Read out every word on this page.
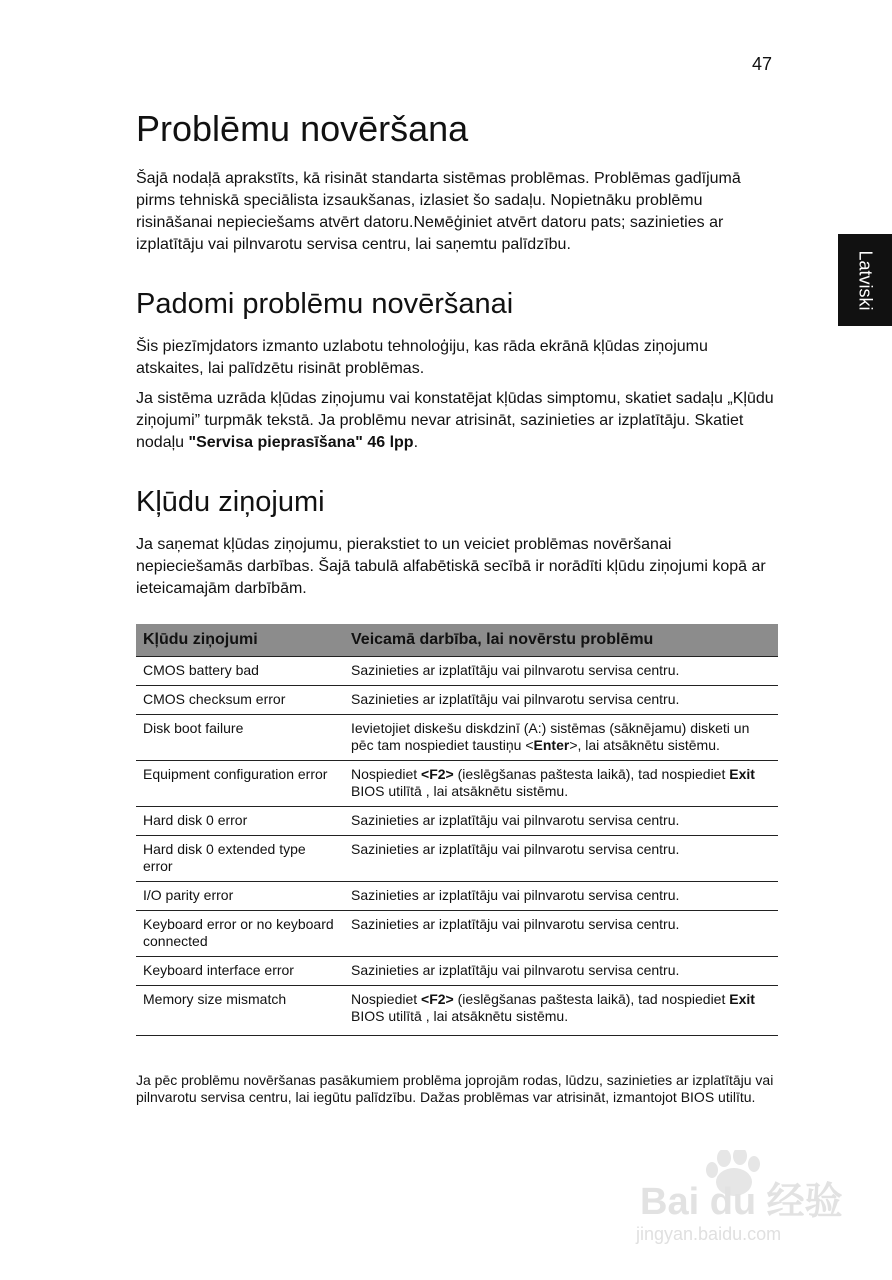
47
Latviski
Problēmu novēršana

Šajā nodaļā aprakstīts, kā risināt standarta sistēmas problēmas. Problēmas gadījumā pirms tehniskā speciālista izsaukšanas, izlasiet šo sadaļu. Nopietnāku problēmu risināšanai nepieciešams atvērt datoru.Neмēģiniet atvērt datoru pats; sazinieties ar izplatītāju vai pilnvarotu servisa centru, lai saņemtu palīdzību.

Padomi problēmu novēršanai

Šis piezīmjdators izmanto uzlabotu tehnoloģiju, kas rāda ekrānā kļūdas ziņojumu atskaites, lai palīdzētu risināt problēmas.

Ja sistēma uzrāda kļūdas ziņojumu vai konstatējat kļūdas simptomu, skatiet sadaļu „Kļūdu ziņojumi” turpmāk tekstā. Ja problēmu nevar atrisināt, sazinieties ar izplatītāju. Skatiet nodaļu "Servisa pieprasīšana" 46 lpp.

Kļūdu ziņojumi

Ja saņemat kļūdas ziņojumu, pierakstiet to un veiciet problēmas novēršanai nepieciešamās darbības. Šajā tabulā alfabētiskā secībā ir norādīti kļūdu ziņojumi kopā ar ieteicamajām darbībām.

Kļūdu ziņojumi	Veicamā darbība, lai novērstu problēmu
CMOS battery bad	Sazinieties ar izplatītāju vai pilnvarotu servisa centru.
CMOS checksum error	Sazinieties ar izplatītāju vai pilnvarotu servisa centru.
Disk boot failure	Ievietojiet diskešu diskdzinī (A:) sistēmas (sāknējamu) disketi un pēc tam nospiediet taustiņu <Enter>, lai atsāknētu sistēmu.
Equipment configuration error	Nospiediet <F2> (ieslēgšanas paštesta laikā), tad nospiediet Exit BIOS utilītā , lai atsāknētu sistēmu.
Hard disk 0 error	Sazinieties ar izplatītāju vai pilnvarotu servisa centru.
Hard disk 0 extended type error	Sazinieties ar izplatītāju vai pilnvarotu servisa centru.
I/O parity error	Sazinieties ar izplatītāju vai pilnvarotu servisa centru.
Keyboard error or no keyboard connected	Sazinieties ar izplatītāju vai pilnvarotu servisa centru.
Keyboard interface error	Sazinieties ar izplatītāju vai pilnvarotu servisa centru.
Memory size mismatch	Nospiediet <F2> (ieslēgšanas paštesta laikā), tad nospiediet Exit BIOS utilītā , lai atsāknētu sistēmu.

Ja pēc problēmu novēršanas pasākumiem problēma joprojām rodas, lūdzu, sazinieties ar izplatītāju vai pilnvarotu servisa centru, lai iegūtu palīdzību. Dažas problēmas var atrisināt, izmantojot BIOS utilītu.

Bai du 经验
jingyan.baidu.com
